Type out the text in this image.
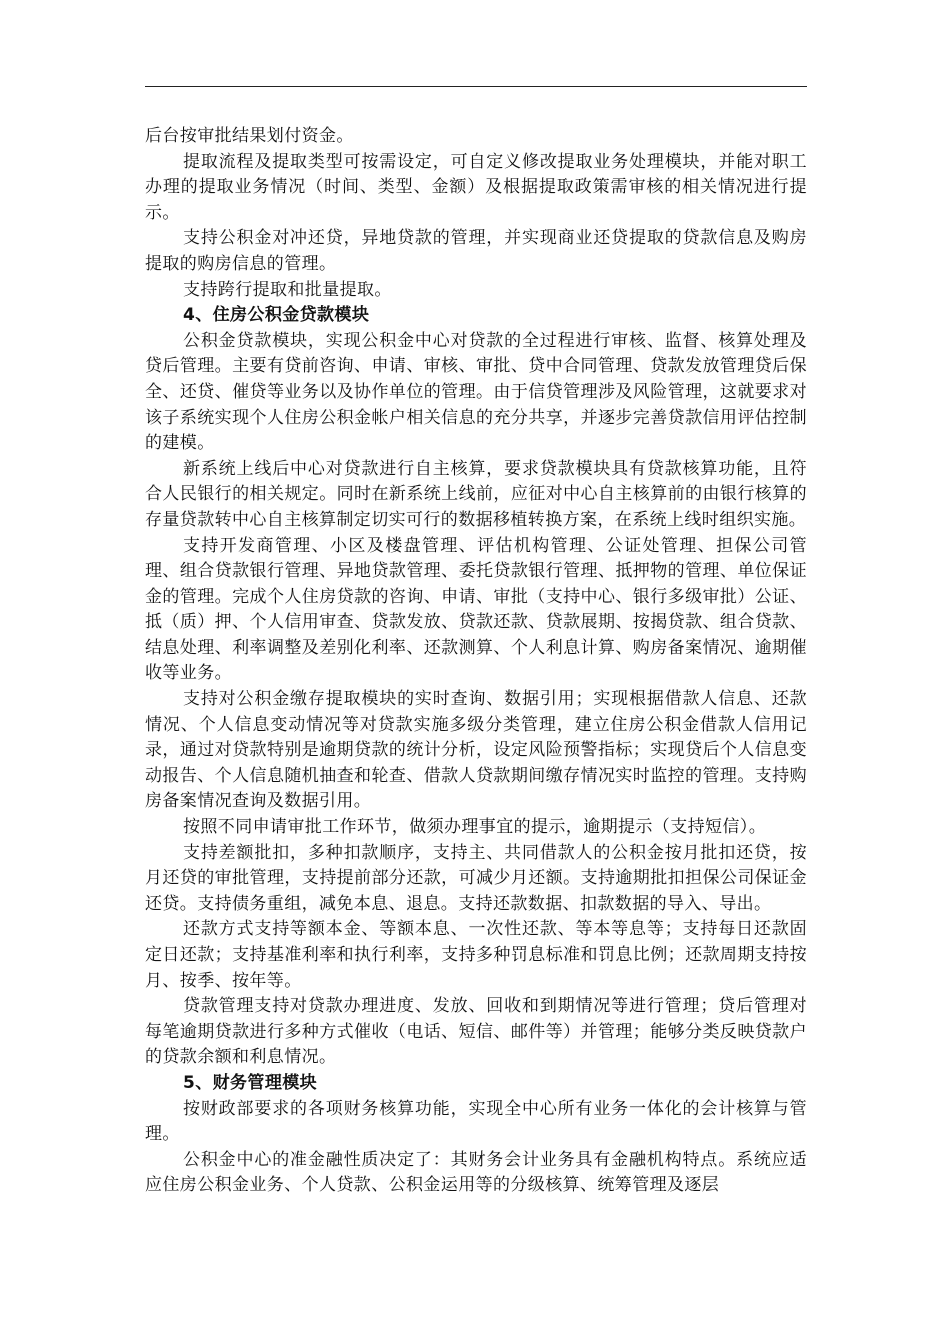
后台按审批结果划付资金。

提取流程及提取类型可按需设定，可自定义修改提取业务处理模块，并能对职工办理的提取业务情况（时间、类型、金额）及根据提取政策需审核的相关情况进行提示。

支持公积金对冲还贷，异地贷款的管理，并实现商业还贷提取的贷款信息及购房提取的购房信息的管理。

支持跨行提取和批量提取。

4、住房公积金贷款模块

公积金贷款模块，实现公积金中心对贷款的全过程进行审核、监督、核算处理及贷后管理。主要有贷前咨询、申请、审核、审批、贷中合同管理、贷款发放管理贷后保全、还贷、催贷等业务以及协作单位的管理。由于信贷管理涉及风险管理，这就要求对该子系统实现个人住房公积金帐户相关信息的充分共享，并逐步完善贷款信用评估控制的建模。

新系统上线后中心对贷款进行自主核算，要求贷款模块具有贷款核算功能，且符合人民银行的相关规定。同时在新系统上线前，应征对中心自主核算前的由银行核算的存量贷款转中心自主核算制定切实可行的数据移植转换方案，在系统上线时组织实施。

支持开发商管理、小区及楼盘管理、评估机构管理、公证处管理、担保公司管理、组合贷款银行管理、异地贷款管理、委托贷款银行管理、抵押物的管理、单位保证金的管理。完成个人住房贷款的咨询、申请、审批（支持中心、银行多级审批）公证、抵（质）押、个人信用审查、贷款发放、贷款还款、贷款展期、按揭贷款、组合贷款、结息处理、利率调整及差别化利率、还款测算、个人利息计算、购房备案情况、逾期催收等业务。

支持对公积金缴存提取模块的实时查询、数据引用；实现根据借款人信息、还款情况、个人信息变动情况等对贷款实施多级分类管理，建立住房公积金借款人信用记录，通过对贷款特别是逾期贷款的统计分析，设定风险预警指标；实现贷后个人信息变动报告、个人信息随机抽查和轮查、借款人贷款期间缴存情况实时监控的管理。支持购房备案情况查询及数据引用。

按照不同申请审批工作环节，做须办理事宜的提示，逾期提示（支持短信）。

支持差额批扣，多种扣款顺序，支持主、共同借款人的公积金按月批扣还贷，按月还贷的审批管理，支持提前部分还款，可减少月还额。支持逾期批扣担保公司保证金还贷。支持债务重组，减免本息、退息。支持还款数据、扣款数据的导入、导出。

还款方式支持等额本金、等额本息、一次性还款、等本等息等；支持每日还款固定日还款；支持基准利率和执行利率，支持多种罚息标准和罚息比例；还款周期支持按月、按季、按年等。

贷款管理支持对贷款办理进度、发放、回收和到期情况等进行管理；贷后管理对每笔逾期贷款进行多种方式催收（电话、短信、邮件等）并管理；能够分类反映贷款户的贷款余额和利息情况。

5、财务管理模块

按财政部要求的各项财务核算功能，实现全中心所有业务一体化的会计核算与管理。

公积金中心的准金融性质决定了：其财务会计业务具有金融机构特点。系统应适应住房公积金业务、个人贷款、公积金运用等的分级核算、统筹管理及逐层
